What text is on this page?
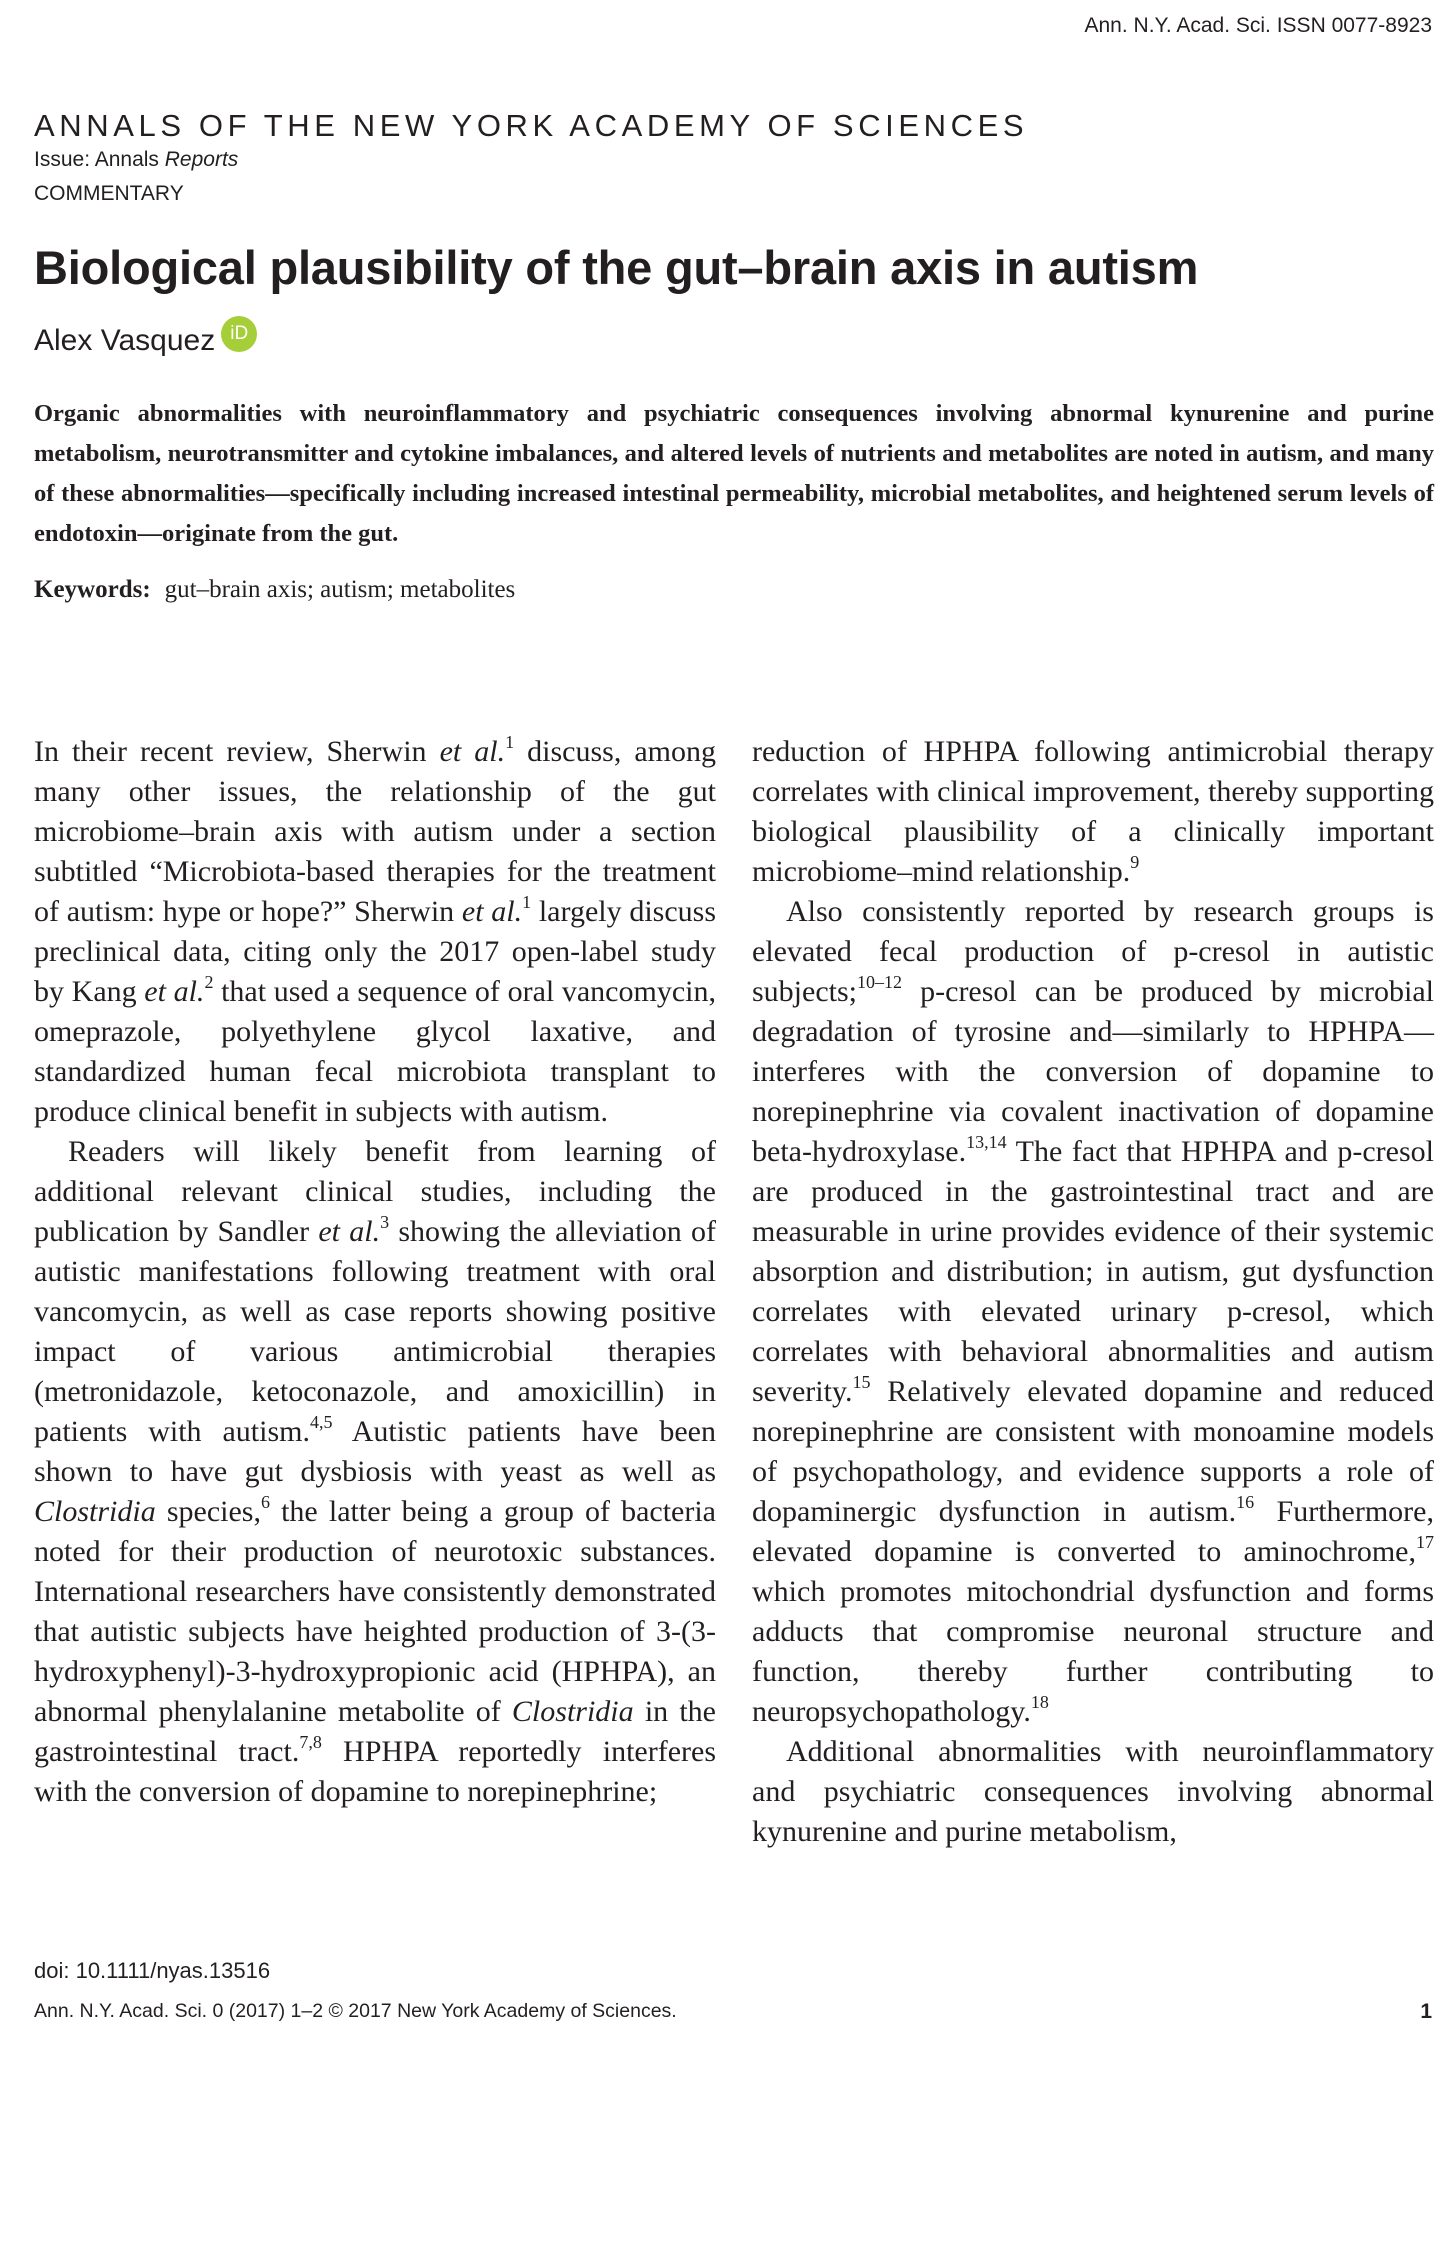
Ann. N.Y. Acad. Sci. ISSN 0077-8923
ANNALS OF THE NEW YORK ACADEMY OF SCIENCES
Issue: Annals Reports
COMMENTARY
Biological plausibility of the gut–brain axis in autism
Alex Vasquez iD

Organic abnormalities with neuroinflammatory and psychiatric consequences involving abnormal kynurenine and purine metabolism, neurotransmitter and cytokine imbalances, and altered levels of nutrients and metabolites are noted in autism, and many of these abnormalities—specifically including increased intestinal permeability, microbial metabolites, and heightened serum levels of endotoxin—originate from the gut.

Keywords: gut–brain axis; autism; metabolites

In their recent review, Sherwin et al.$^1$ discuss, among many other issues, the relationship of the gut microbiome–brain axis with autism under a section subtitled “Microbiota-based therapies for the treatment of autism: hype or hope?” Sherwin et al.$^1$ largely discuss preclinical data, citing only the 2017 open-label study by Kang et al.$^2$ that used a sequence of oral vancomycin, omeprazole, polyethylene glycol laxative, and standardized human fecal microbiota transplant to produce clinical benefit in subjects with autism.

Readers will likely benefit from learning of additional relevant clinical studies, including the publication by Sandler et al.$^3$ showing the alleviation of autistic manifestations following treatment with oral vancomycin, as well as case reports showing positive impact of various antimicrobial therapies (metronidazole, ketoconazole, and amoxicillin) in patients with autism.$^{4,5}$ Autistic patients have been shown to have gut dysbiosis with yeast as well as Clostridia species,$^6$ the latter being a group of bacteria noted for their production of neurotoxic substances. International researchers have consistently demonstrated that autistic subjects have heighted production of 3-(3-hydroxyphenyl)-3-hydroxypropionic acid (HPHPA), an abnormal phenylalanine metabolite of Clostridia in the gastrointestinal tract.$^{7,8}$ HPHPA reportedly interferes with the conversion of dopamine to norepinephrine;

reduction of HPHPA following antimicrobial therapy correlates with clinical improvement, thereby supporting biological plausibility of a clinically important microbiome–mind relationship.$^9$

Also consistently reported by research groups is elevated fecal production of p-cresol in autistic subjects;$^{10-12}$ p-cresol can be produced by microbial degradation of tyrosine and—similarly to HPHPA—interferes with the conversion of dopamine to norepinephrine via covalent inactivation of dopamine beta-hydroxylase.$^{13,14}$ The fact that HPHPA and p-cresol are produced in the gastrointestinal tract and are measurable in urine provides evidence of their systemic absorption and distribution; in autism, gut dysfunction correlates with elevated urinary p-cresol, which correlates with behavioral abnormalities and autism severity.$^{15}$ Relatively elevated dopamine and reduced norepinephrine are consistent with monoamine models of psychopathology, and evidence supports a role of dopaminergic dysfunction in autism.$^{16}$ Furthermore, elevated dopamine is converted to aminochrome,$^{17}$ which promotes mitochondrial dysfunction and forms adducts that compromise neuronal structure and function, thereby further contributing to neuropsychopathology.$^{18}$

Additional abnormalities with neuroinflammatory and psychiatric consequences involving abnormal kynurenine and purine metabolism,

doi: 10.1111/nyas.13516
Ann. N.Y. Acad. Sci. 0 (2017) 1–2 © 2017 New York Academy of Sciences.	1
